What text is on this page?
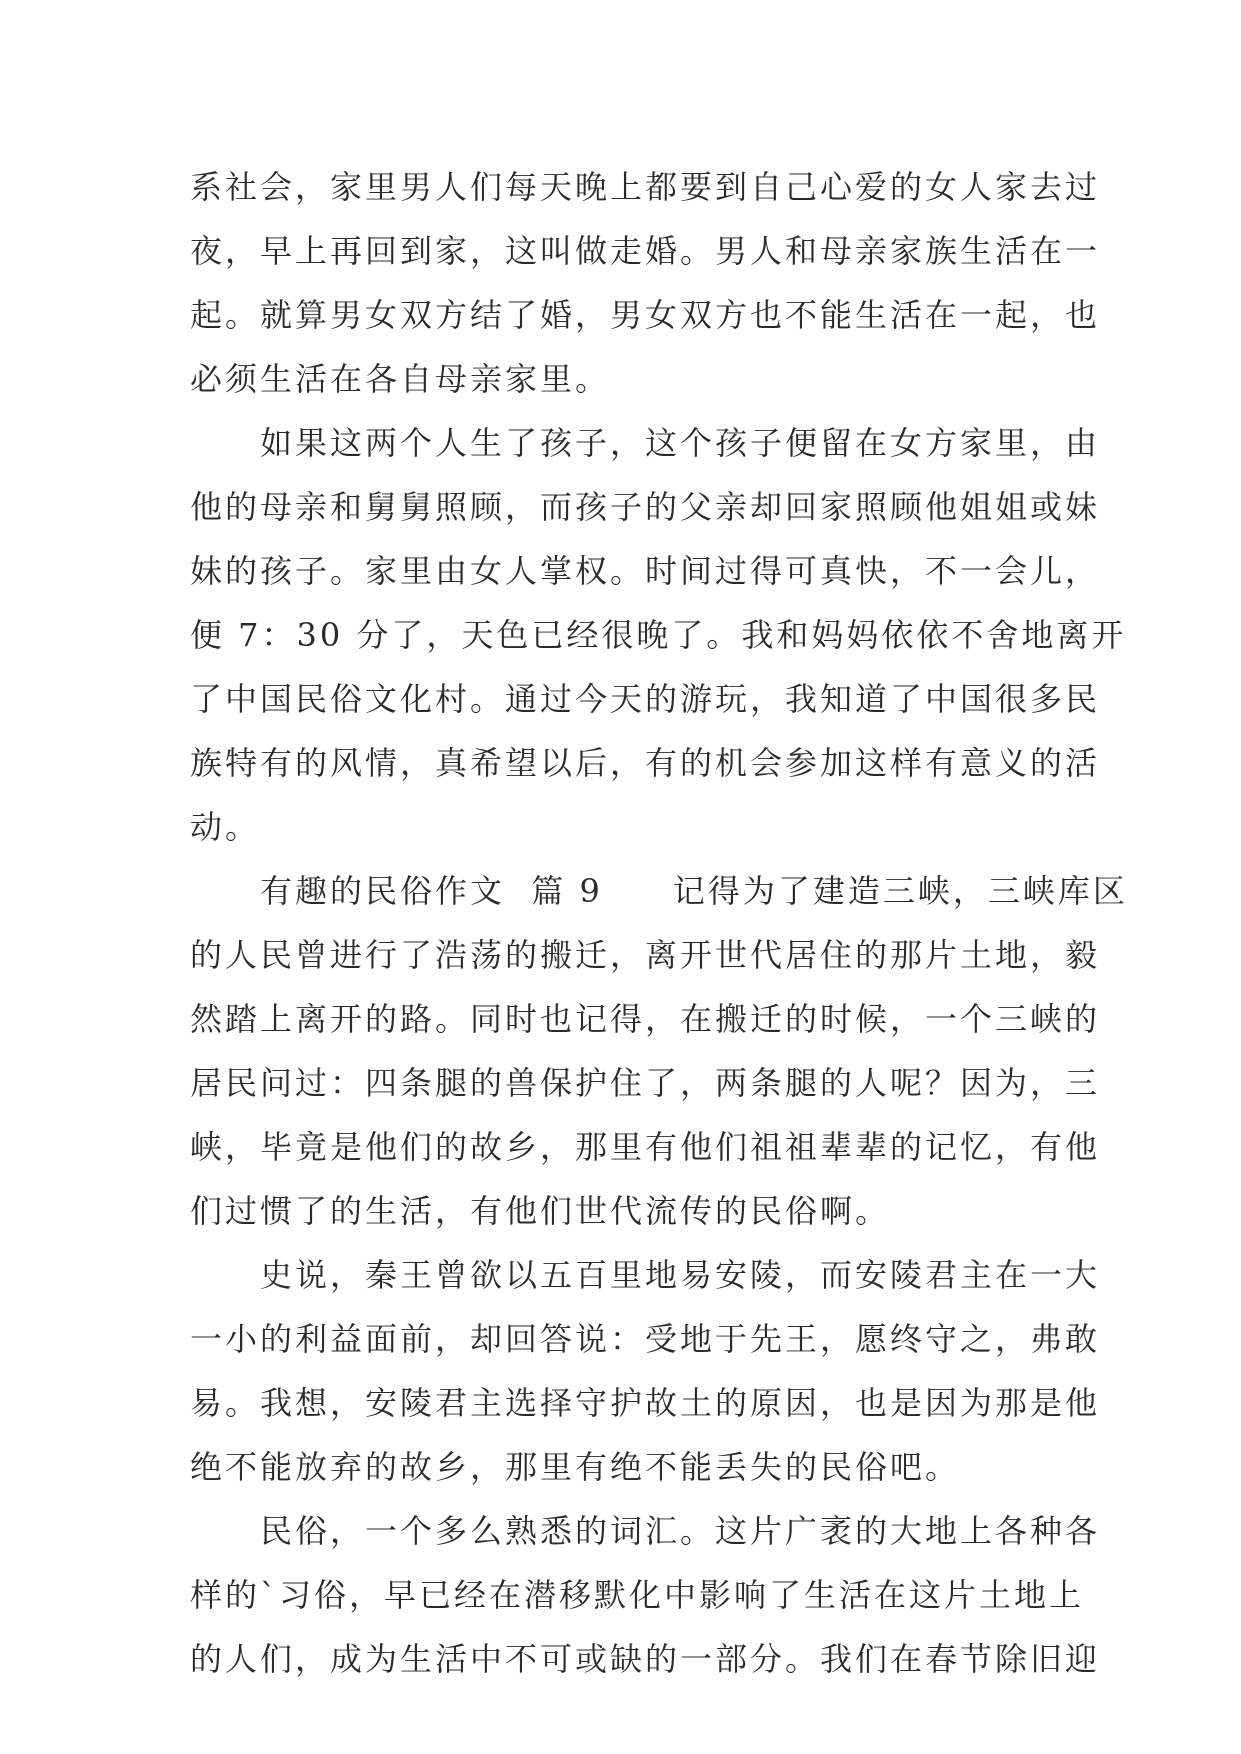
系社会，家里男人们每天晚上都要到自己心爱的女人家去过
夜，早上再回到家，这叫做走婚。男人和母亲家族生活在一
起。就算男女双方结了婚，男女双方也不能生活在一起，也
必须生活在各自母亲家里。
　　如果这两个人生了孩子，这个孩子便留在女方家里，由
他的母亲和舅舅照顾，而孩子的父亲却回家照顾他姐姐或妹
妹的孩子。家里由女人掌权。时间过得可真快，不一会儿，
便 7：30 分了，天色已经很晚了。我和妈妈依依不舍地离开
了中国民俗文化村。通过今天的游玩，我知道了中国很多民
族特有的风情，真希望以后，有的机会参加这样有意义的活
动。
　　有趣的民俗作文  篇 9　　记得为了建造三峡，三峡库区
的人民曾进行了浩荡的搬迁，离开世代居住的那片土地，毅
然踏上离开的路。同时也记得，在搬迁的时候，一个三峡的
居民问过：四条腿的兽保护住了，两条腿的人呢？因为，三
峡，毕竟是他们的故乡，那里有他们祖祖辈辈的记忆，有他
们过惯了的生活，有他们世代流传的民俗啊。
　　史说，秦王曾欲以五百里地易安陵，而安陵君主在一大
一小的利益面前，却回答说：受地于先王，愿终守之，弗敢
易。我想，安陵君主选择守护故土的原因，也是因为那是他
绝不能放弃的故乡，那里有绝不能丢失的民俗吧。
　　民俗，一个多么熟悉的词汇。这片广袤的大地上各种各
样的`习俗，早已经在潜移默化中影响了生活在这片土地上
的人们，成为生活中不可或缺的一部分。我们在春节除旧迎
